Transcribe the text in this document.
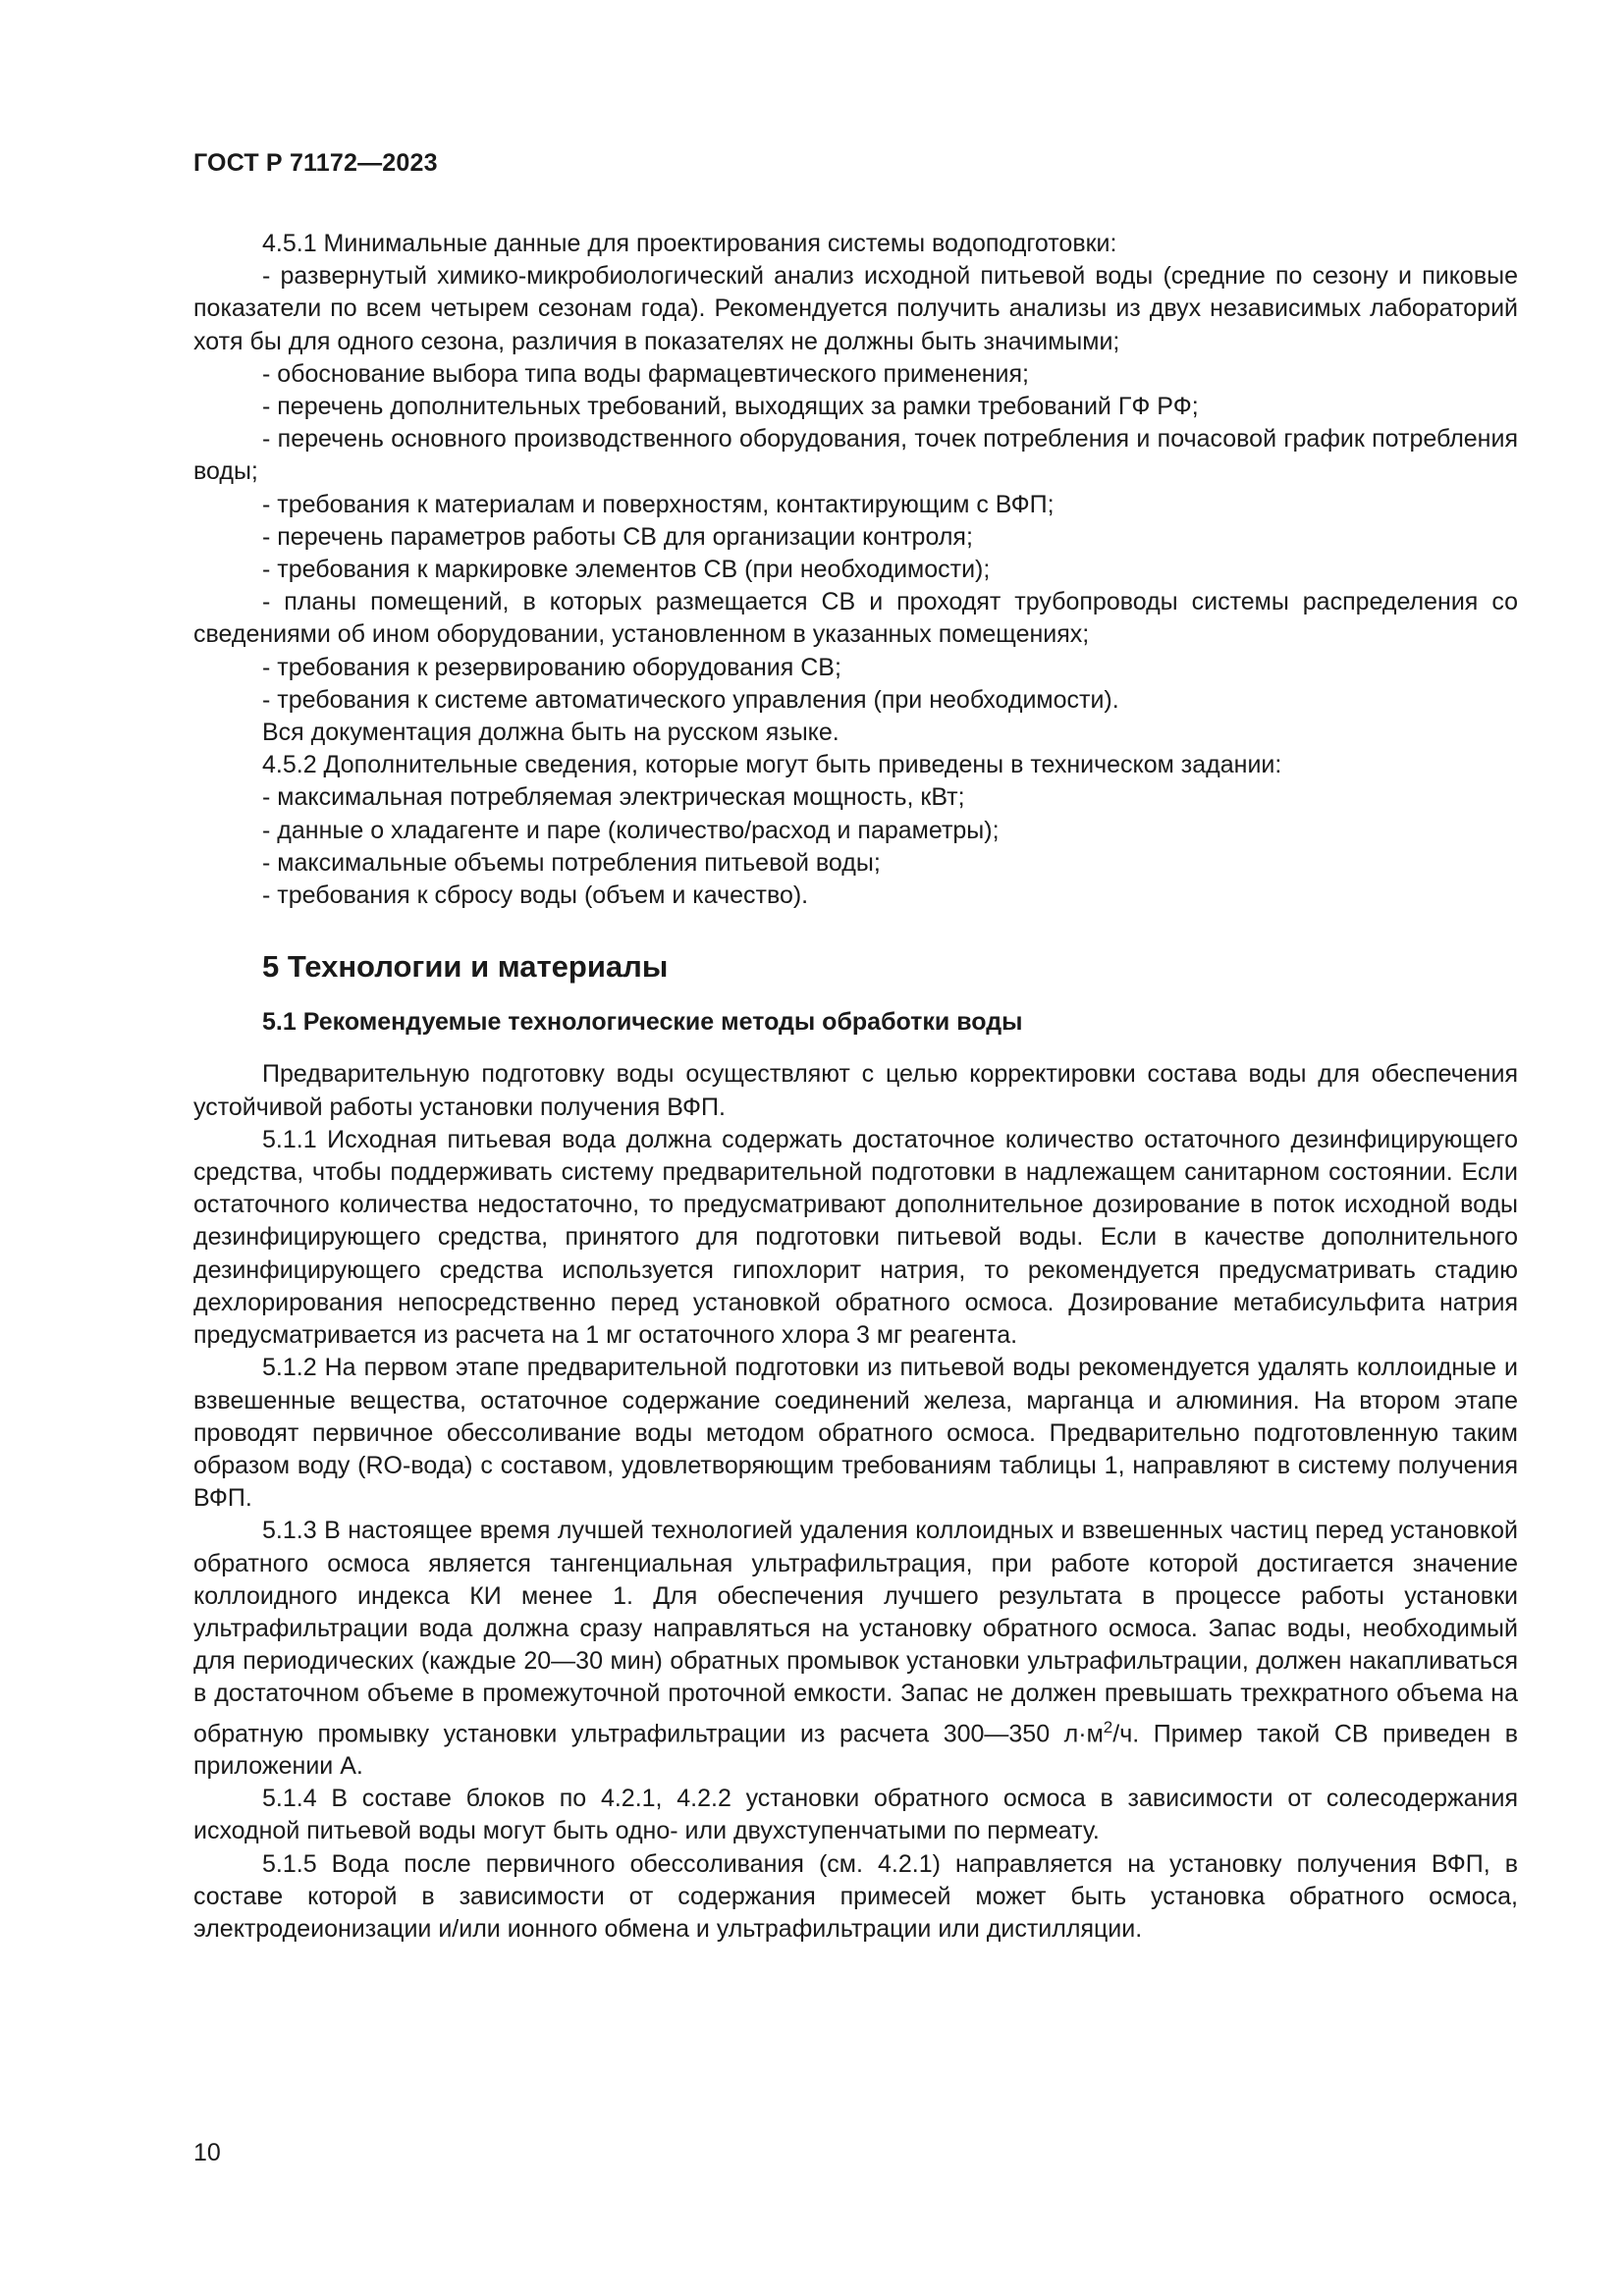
ГОСТ Р 71172—2023

4.5.1 Минимальные данные для проектирования системы водоподготовки:

- развернутый химико-микробиологический анализ исходной питьевой воды (средние по сезону и пиковые показатели по всем четырем сезонам года). Рекомендуется получить анализы из двух независимых лабораторий хотя бы для одного сезона, различия в показателях не должны быть значимыми;

- обоснование выбора типа воды фармацевтического применения;

- перечень дополнительных требований, выходящих за рамки требований ГФ РФ;

- перечень основного производственного оборудования, точек потребления и почасовой график потребления воды;

- требования к материалам и поверхностям, контактирующим с ВФП;

- перечень параметров работы СВ для организации контроля;

- требования к маркировке элементов СВ (при необходимости);

- планы помещений, в которых размещается СВ и проходят трубопроводы системы распределения со сведениями об ином оборудовании, установленном в указанных помещениях;

- требования к резервированию оборудования СВ;

- требования к системе автоматического управления (при необходимости).

Вся документация должна быть на русском языке.

4.5.2 Дополнительные сведения, которые могут быть приведены в техническом задании:

- максимальная потребляемая электрическая мощность, кВт;

- данные о хладагенте и паре (количество/расход и параметры);

- максимальные объемы потребления питьевой воды;

- требования к сбросу воды (объем и качество).

5 Технологии и материалы

5.1 Рекомендуемые технологические методы обработки воды

Предварительную подготовку воды осуществляют с целью корректировки состава воды для обеспечения устойчивой работы установки получения ВФП.

5.1.1 Исходная питьевая вода должна содержать достаточное количество остаточного дезинфицирующего средства, чтобы поддерживать систему предварительной подготовки в надлежащем санитарном состоянии. Если остаточного количества недостаточно, то предусматривают дополнительное дозирование в поток исходной воды дезинфицирующего средства, принятого для подготовки питьевой воды. Если в качестве дополнительного дезинфицирующего средства используется гипохлорит натрия, то рекомендуется предусматривать стадию дехлорирования непосредственно перед установкой обратного осмоса. Дозирование метабисульфита натрия предусматривается из расчета на 1 мг остаточного хлора 3 мг реагента.

5.1.2 На первом этапе предварительной подготовки из питьевой воды рекомендуется удалять коллоидные и взвешенные вещества, остаточное содержание соединений железа, марганца и алюминия. На втором этапе проводят первичное обессоливание воды методом обратного осмоса. Предварительно подготовленную таким образом воду (RO-вода) с составом, удовлетворяющим требованиям таблицы 1, направляют в систему получения ВФП.

5.1.3 В настоящее время лучшей технологией удаления коллоидных и взвешенных частиц перед установкой обратного осмоса является тангенциальная ультрафильтрация, при работе которой достигается значение коллоидного индекса КИ менее 1. Для обеспечения лучшего результата в процессе работы установки ультрафильтрации вода должна сразу направляться на установку обратного осмоса. Запас воды, необходимый для периодических (каждые 20—30 мин) обратных промывок установки ультрафильтрации, должен накапливаться в достаточном объеме в промежуточной проточной емкости. Запас не должен превышать трехкратного объема на обратную промывку установки ультрафильтрации из расчета 300—350 $л\cdot м^2/ч$. Пример такой СВ приведен в приложении А.

5.1.4 В составе блоков по 4.2.1, 4.2.2 установки обратного осмоса в зависимости от солесодержания исходной питьевой воды могут быть одно- или двухступенчатыми по пермеату.

5.1.5 Вода после первичного обессоливания (см. 4.2.1) направляется на установку получения ВФП, в составе которой в зависимости от содержания примесей может быть установка обратного осмоса, электродеионизации и/или ионного обмена и ультрафильтрации или дистилляции.

10
